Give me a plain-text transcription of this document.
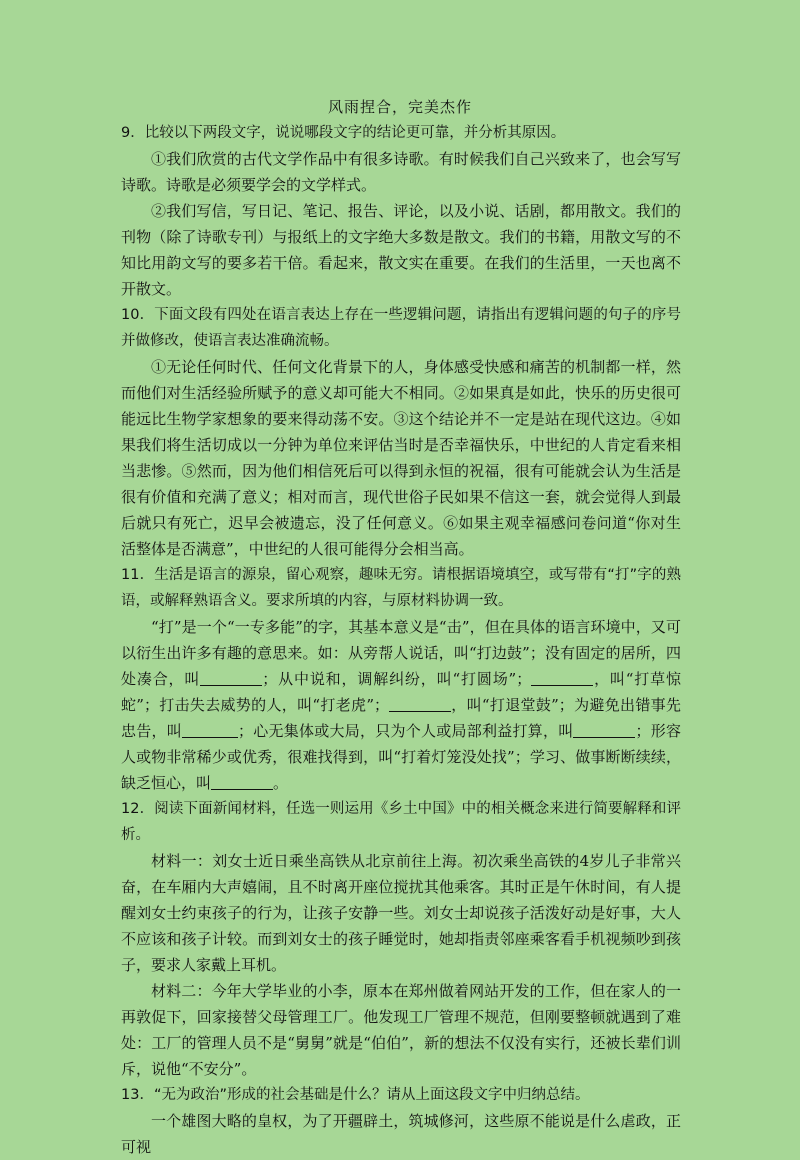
风雨捏合，完美杰作

9．比较以下两段文字，说说哪段文字的结论更可靠，并分析其原因。

①我们欣赏的古代文学作品中有很多诗歌。有时候我们自己兴致来了，也会写写诗歌。诗歌是必须要学会的文学样式。

②我们写信，写日记、笔记、报告、评论，以及小说、话剧，都用散文。我们的刊物（除了诗歌专刊）与报纸上的文字绝大多数是散文。我们的书籍，用散文写的不知比用韵文写的要多若干倍。看起来，散文实在重要。在我们的生活里，一天也离不开散文。

10．下面文段有四处在语言表达上存在一些逻辑问题，请指出有逻辑问题的句子的序号并做修改，使语言表达准确流畅。

①无论任何时代、任何文化背景下的人，身体感受快感和痛苦的机制都一样，然而他们对生活经验所赋予的意义却可能大不相同。②如果真是如此，快乐的历史很可能远比生物学家想象的要来得动荡不安。③这个结论并不一定是站在现代这边。④如果我们将生活切成以一分钟为单位来评估当时是否幸福快乐，中世纪的人肯定看来相当悲惨。⑤然而，因为他们相信死后可以得到永恒的祝福，很有可能就会认为生活是很有价值和充满了意义；相对而言，现代世俗子民如果不信这一套，就会觉得人到最后就只有死亡，迟早会被遗忘，没了任何意义。⑥如果主观幸福感问卷问道“你对生活整体是否满意”，中世纪的人很可能得分会相当高。

11．生活是语言的源泉，留心观察，趣味无穷。请根据语境填空，或写带有“打”字的熟语，或解释熟语含义。要求所填的内容，与原材料协调一致。

“打”是一个“一专多能”的字，其基本意义是“击”，但在具体的语言环境中，又可以衍生出许多有趣的意思来。如：从旁帮人说话，叫“打边鼓”；没有固定的居所，四处凑合，叫	；从中说和，调解纠纷，叫“打圆场”；	，叫“打草惊蛇”；打击失去威势的人，叫“打老虎”；	，叫“打退堂鼓”；为避免出错事先忠告，叫	；心无集体或大局，只为个人或局部利益打算，叫	；形容人或物非常稀少或优秀，很难找得到，叫“打着灯笼没处找”；学习、做事断断续续，缺乏恒心，叫	。

12．阅读下面新闻材料，任选一则运用《乡土中国》中的相关概念来进行简要解释和评析。

材料一：刘女士近日乘坐高铁从北京前往上海。初次乘坐高铁的4岁儿子非常兴奋，在车厢内大声嬉闹，且不时离开座位搅扰其他乘客。其时正是午休时间，有人提醒刘女士约束孩子的行为，让孩子安静一些。刘女士却说孩子活泼好动是好事，大人不应该和孩子计较。而到刘女士的孩子睡觉时，她却指责邻座乘客看手机视频吵到孩子，要求人家戴上耳机。

材料二：今年大学毕业的小李，原本在郑州做着网站开发的工作，但在家人的一再敦促下，回家接替父母管理工厂。他发现工厂管理不规范，但刚要整顿就遇到了难处：工厂的管理人员不是“舅舅”就是“伯伯”，新的想法不仅没有实行，还被长辈们训斥，说他“不安分”。

13．“无为政治”形成的社会基础是什么？请从上面这段文字中归纳总结。

一个雄图大略的皇权，为了开疆辟土，筑城修河，这些原不能说是什么虐政，正可视
